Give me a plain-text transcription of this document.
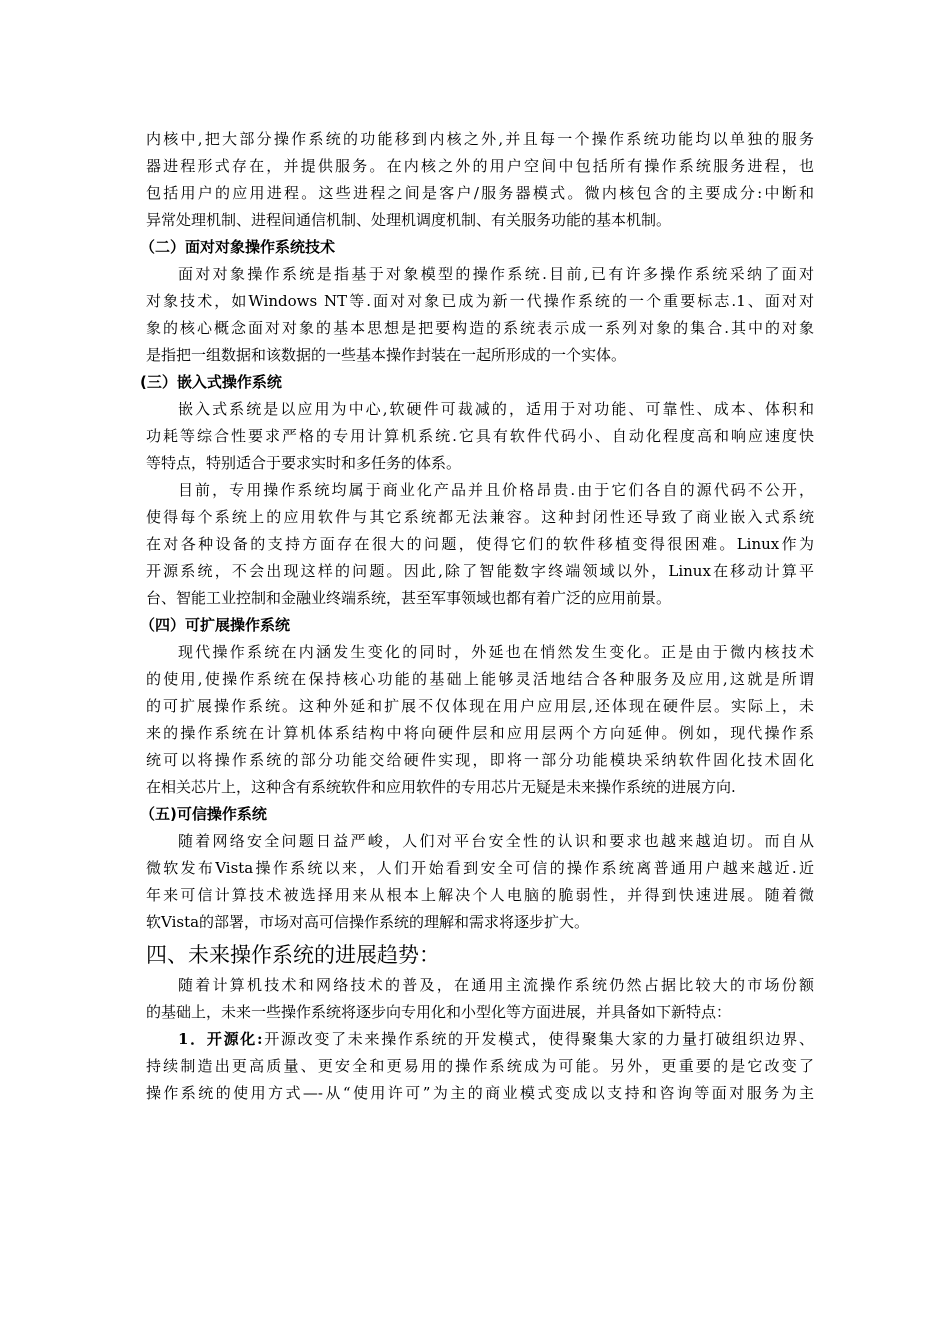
内核中,把大部分操作系统的功能移到内核之外,并且每一个操作系统功能均以单独的服务
器进程形式存在，并提供服务。在内核之外的用户空间中包括所有操作系统服务进程，也
包括用户的应用进程。这些进程之间是客户/服务器模式。微内核包含的主要成分:中断和
异常处理机制、进程间通信机制、处理机调度机制、有关服务功能的基本机制。
（二）面对对象操作系统技术
面对对象操作系统是指基于对象模型的操作系统.目前,已有许多操作系统采纳了面对
对象技术，如Windows NT等.面对对象已成为新一代操作系统的一个重要标志.1、面对对
象的核心概念面对对象的基本思想是把要构造的系统表示成一系列对象的集合.其中的对象
是指把一组数据和该数据的一些基本操作封装在一起所形成的一个实体。
(三）嵌入式操作系统
嵌入式系统是以应用为中心,软硬件可裁减的，适用于对功能、可靠性、成本、体积和
功耗等综合性要求严格的专用计算机系统.它具有软件代码小、自动化程度高和响应速度快
等特点，特别适合于要求实时和多任务的体系。
目前，专用操作系统均属于商业化产品并且价格昂贵.由于它们各自的源代码不公开，
使得每个系统上的应用软件与其它系统都无法兼容。这种封闭性还导致了商业嵌入式系统
在对各种设备的支持方面存在很大的问题，使得它们的软件移植变得很困难。Linux作为
开源系统，不会出现这样的问题。因此,除了智能数字终端领域以外，Linux在移动计算平
台、智能工业控制和金融业终端系统，甚至军事领域也都有着广泛的应用前景。
（四）可扩展操作系统
现代操作系统在内涵发生变化的同时，外延也在悄然发生变化。正是由于微内核技术
的使用,使操作系统在保持核心功能的基础上能够灵活地结合各种服务及应用,这就是所谓
的可扩展操作系统。这种外延和扩展不仅体现在用户应用层,还体现在硬件层。实际上，未
来的操作系统在计算机体系结构中将向硬件层和应用层两个方向延伸。例如，现代操作系
统可以将操作系统的部分功能交给硬件实现，即将一部分功能模块采纳软件固化技术固化
在相关芯片上，这种含有系统软件和应用软件的专用芯片无疑是未来操作系统的进展方向.
（五)可信操作系统
随着网络安全问题日益严峻，人们对平台安全性的认识和要求也越来越迫切。而自从
微软发布Vista操作系统以来，人们开始看到安全可信的操作系统离普通用户越来越近.近
年来可信计算技术被选择用来从根本上解决个人电脑的脆弱性，并得到快速进展。随着微
软Vista的部署，市场对高可信操作系统的理解和需求将逐步扩大。
四、未来操作系统的进展趋势：
随着计算机技术和网络技术的普及，在通用主流操作系统仍然占据比较大的市场份额
的基础上，未来一些操作系统将逐步向专用化和小型化等方面进展，并具备如下新特点：
1．开源化:开源改变了未来操作系统的开发模式，使得聚集大家的力量打破组织边界、
持续制造出更高质量、更安全和更易用的操作系统成为可能。另外，更重要的是它改变了
操作系统的使用方式—-从“使用许可”为主的商业模式变成以支持和咨询等面对服务为主
